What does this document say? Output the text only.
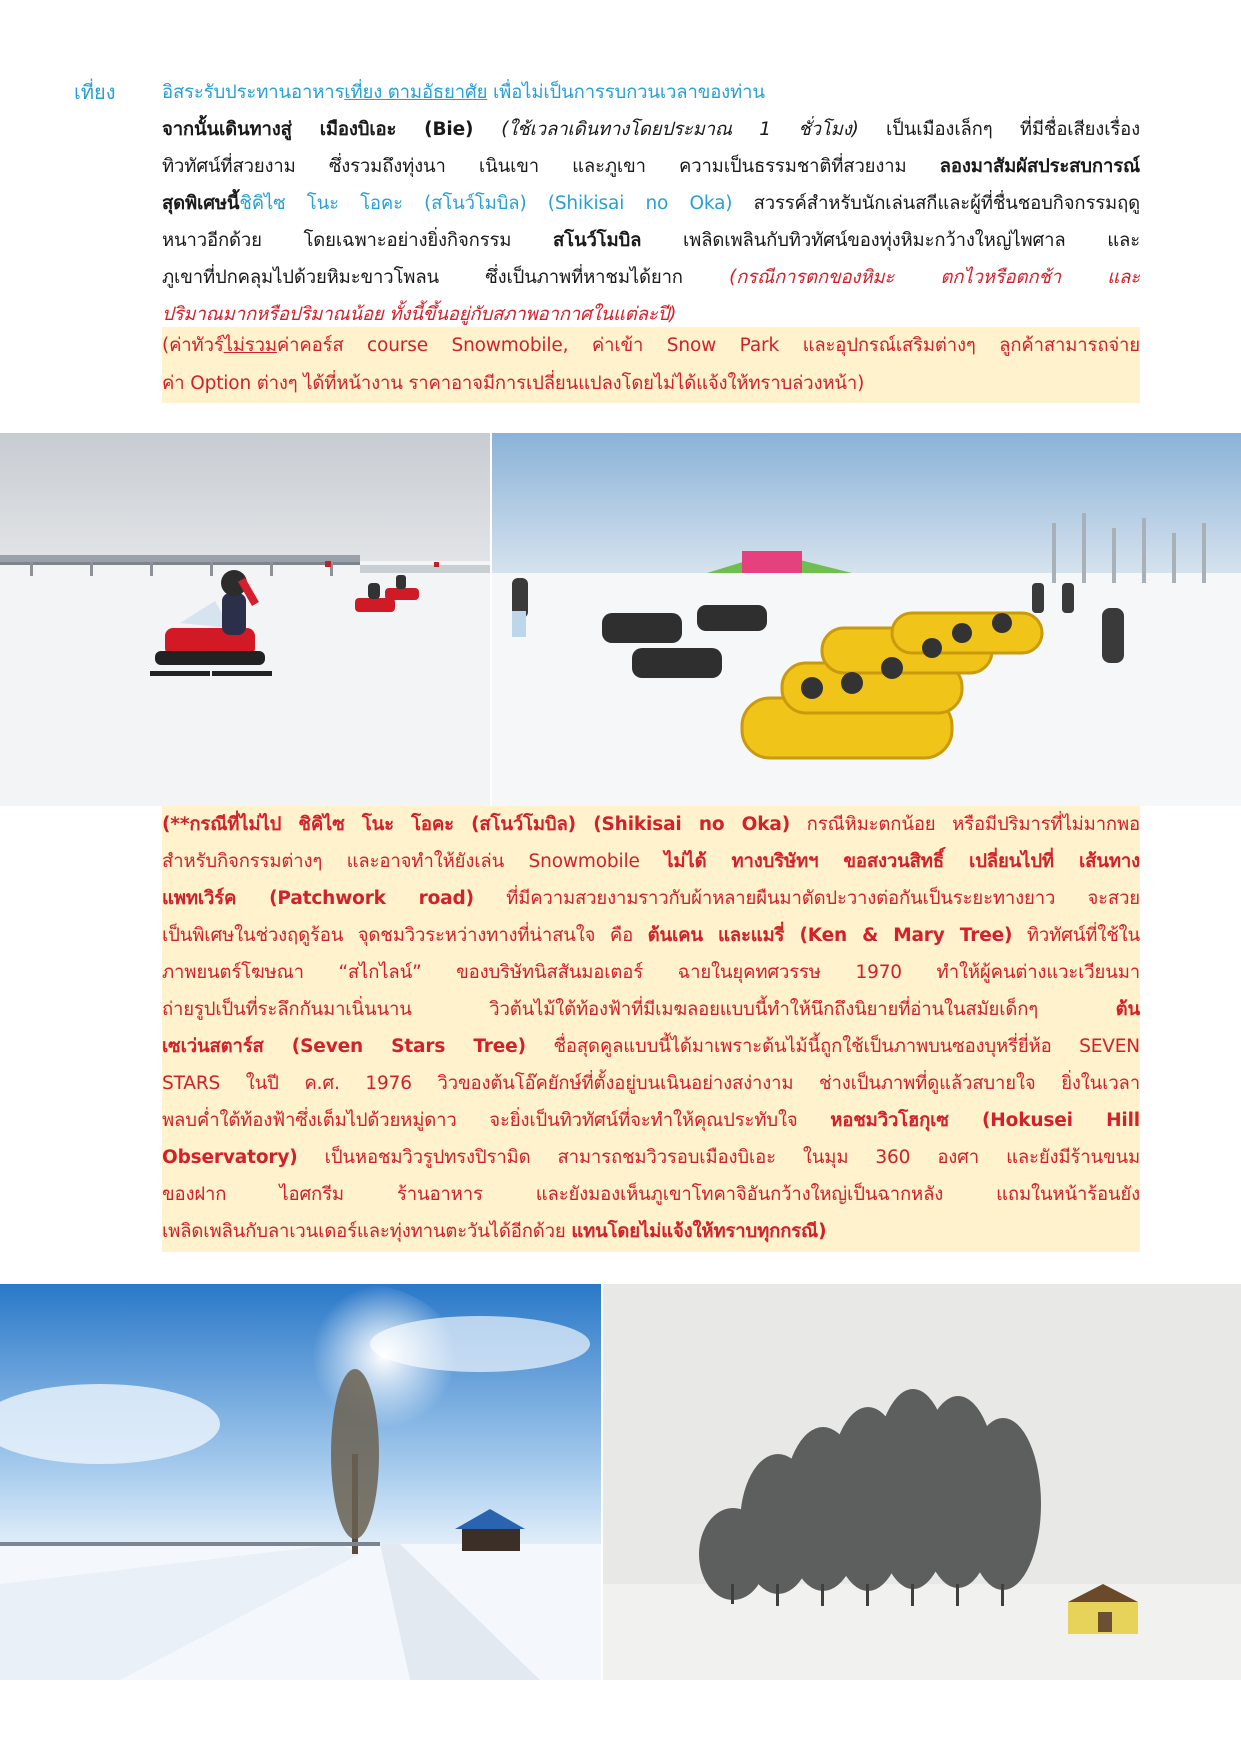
เที่ยง	อิสระรับประทานอาหารเที่ยง ตามอัธยาศัย เพื่อไม่เป็นการรบกวนเวลาของท่าน
จากนั้นเดินทางสู่ เมืองบิเอะ (Bie) (ใช้เวลาเดินทางโดยประมาณ 1 ชั่วโมง) เป็นเมืองเล็กๆ ที่มีชื่อเสียงเรื่อง
ทิวทัศน์ที่สวยงาม ซึ่งรวมถึงทุ่งนา เนินเขา และภูเขา ความเป็นธรรมชาติที่สวยงาม ลองมาสัมผัสประสบการณ์
สุดพิเศษนี้ชิคิไซ โนะ โอคะ (สโนว์โมบิล) (Shikisai no Oka) สวรรค์สำหรับนักเล่นสกีและผู้ที่ชื่นชอบกิจกรรมฤดู
หนาวอีกด้วย โดยเฉพาะอย่างยิ่งกิจกรรม สโนว์โมบิล เพลิดเพลินกับทิวทัศน์ของทุ่งหิมะกว้างใหญ่ไพศาล และ
ภูเขาที่ปกคลุมไปด้วยหิมะขาวโพลน ซึ่งเป็นภาพที่หาชมได้ยาก (กรณีการตกของหิมะ ตกไวหรือตกช้า และ
ปริมาณมากหรือปริมาณน้อย ทั้งนี้ขึ้นอยู่กับสภาพอากาศในแต่ละปี)
(ค่าทัวร์ไม่รวมค่าคอร์ส course Snowmobile, ค่าเข้า Snow Park และอุปกรณ์เสริมต่างๆ ลูกค้าสามารถจ่าย
ค่า Option ต่างๆ ได้ที่หน้างาน ราคาอาจมีการเปลี่ยนแปลงโดยไม่ได้แจ้งให้ทราบล่วงหน้า)
(**กรณีที่ไม่ไป ชิคิไซ โนะ โอคะ (สโนว์โมบิล) (Shikisai no Oka) กรณีหิมะตกน้อย หรือมีปริมารที่ไม่มากพอ
สำหรับกิจกรรมต่างๆ และอาจทำให้ยังเล่น Snowmobile ไม่ได้ ทางบริษัทฯ ขอสงวนสิทธิ์ เปลี่ยนไปที่ เส้นทาง
แพทเวิร์ค (Patchwork road) ที่มีความสวยงามราวกับผ้าหลายผืนมาตัดปะวางต่อกันเป็นระยะทางยาว จะสวย
เป็นพิเศษในช่วงฤดูร้อน จุดชมวิวระหว่างทางที่น่าสนใจ คือ ต้นเคน และแมรี่ (Ken & Mary Tree) ทิวทัศน์ที่ใช้ใน
ภาพยนตร์โฆษณา “สไกไลน์” ของบริษัทนิสสันมอเตอร์ ฉายในยุคทศวรรษ 1970 ทำให้ผู้คนต่างแวะเวียนมา
ถ่ายรูปเป็นที่ระลึกกันมาเนิ่นนาน วิวต้นไม้ใต้ท้องฟ้าที่มีเมฆลอยแบบนี้ทำให้นึกถึงนิยายที่อ่านในสมัยเด็กๆ ต้น
เซเว่นสตาร์ส (Seven Stars Tree) ชื่อสุดคูลแบบนี้ได้มาเพราะต้นไม้นี้ถูกใช้เป็นภาพบนซองบุหรี่ยี่ห้อ SEVEN
STARS ในปี ค.ศ. 1976 วิวของต้นโอ๊คยักษ์ที่ตั้งอยู่บนเนินอย่างสง่างาม ช่างเป็นภาพที่ดูแล้วสบายใจ ยิ่งในเวลา
พลบค่ำใต้ท้องฟ้าซึ่งเต็มไปด้วยหมู่ดาว จะยิ่งเป็นทิวทัศน์ที่จะทำให้คุณประทับใจ หอชมวิวโฮกุเซ (Hokusei Hill
Observatory) เป็นหอชมวิวรูปทรงปิรามิด สามารถชมวิวรอบเมืองบิเอะ ในมุม 360 องศา และยังมีร้านขนม
ของฝาก ไอศกรีม ร้านอาหาร และยังมองเห็นภูเขาโทคาจิอันกว้างใหญ่เป็นฉากหลัง แถมในหน้าร้อนยัง
เพลิดเพลินกับลาเวนเดอร์และทุ่งทานตะวันได้อีกด้วย แทนโดยไม่แจ้งให้ทราบทุกกรณี)
